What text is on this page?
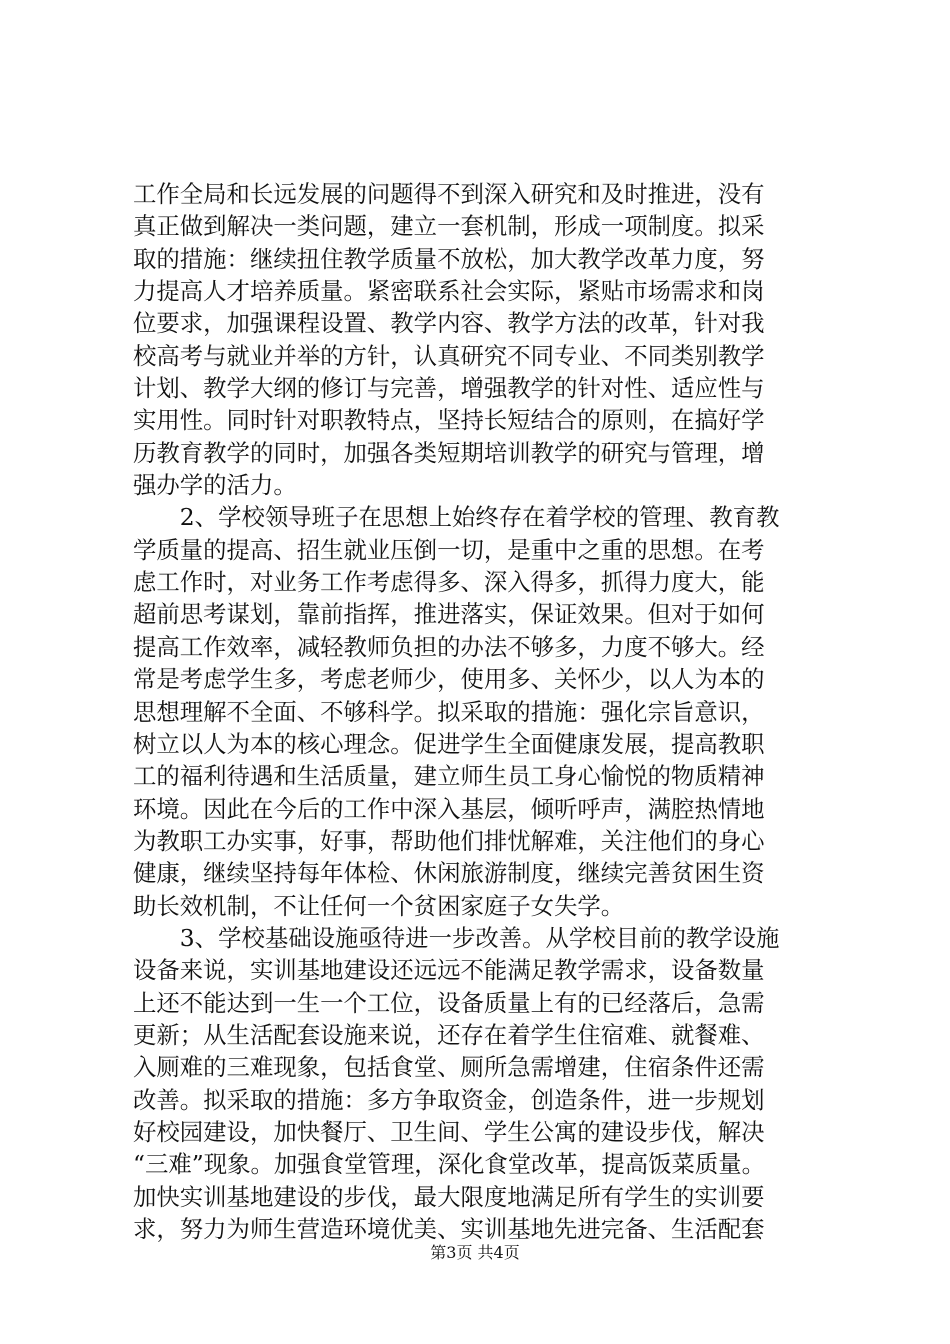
工作全局和长远发展的问题得不到深入研究和及时推进，没有
真正做到解决一类问题，建立一套机制，形成一项制度。拟采
取的措施：继续扭住教学质量不放松，加大教学改革力度，努
力提高人才培养质量。紧密联系社会实际，紧贴市场需求和岗
位要求，加强课程设置、教学内容、教学方法的改革，针对我
校高考与就业并举的方针，认真研究不同专业、不同类别教学
计划、教学大纲的修订与完善，增强教学的针对性、适应性与
实用性。同时针对职教特点，坚持长短结合的原则，在搞好学
历教育教学的同时，加强各类短期培训教学的研究与管理，增
强办学的活力。
　　2、学校领导班子在思想上始终存在着学校的管理、教育教
学质量的提高、招生就业压倒一切，是重中之重的思想。在考
虑工作时，对业务工作考虑得多、深入得多，抓得力度大，能
超前思考谋划，靠前指挥，推进落实，保证效果。但对于如何
提高工作效率，减轻教师负担的办法不够多，力度不够大。经
常是考虑学生多，考虑老师少，使用多、关怀少，以人为本的
思想理解不全面、不够科学。拟采取的措施：强化宗旨意识，
树立以人为本的核心理念。促进学生全面健康发展，提高教职
工的福利待遇和生活质量，建立师生员工身心愉悦的物质精神
环境。因此在今后的工作中深入基层，倾听呼声，满腔热情地
为教职工办实事，好事，帮助他们排忧解难，关注他们的身心
健康，继续坚持每年体检、休闲旅游制度，继续完善贫困生资
助长效机制，不让任何一个贫困家庭子女失学。
　　3、学校基础设施亟待进一步改善。从学校目前的教学设施
设备来说，实训基地建设还远远不能满足教学需求，设备数量
上还不能达到一生一个工位，设备质量上有的已经落后，急需
更新；从生活配套设施来说，还存在着学生住宿难、就餐难、
入厕难的三难现象，包括食堂、厕所急需增建，住宿条件还需
改善。拟采取的措施：多方争取资金，创造条件，进一步规划
好校园建设，加快餐厅、卫生间、学生公寓的建设步伐，解决
“三难”现象。加强食堂管理，深化食堂改革，提高饭菜质量。
加快实训基地建设的步伐，最大限度地满足所有学生的实训要
求，努力为师生营造环境优美、实训基地先进完备、生活配套
第3页 共4页
